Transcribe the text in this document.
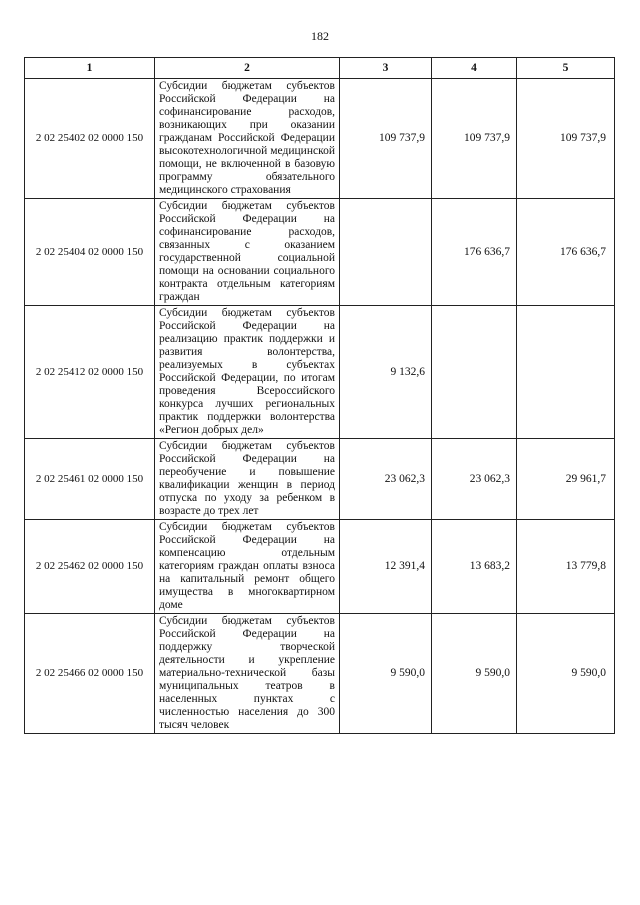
182
1	2	3	4	5
2 02 25402 02 0000 150	Субсидии бюджетам субъектов Российской Федерации на софинансирование расходов, возникающих при оказании гражданам Российской Федерации высокотехнологичной медицинской помощи, не включенной в базовую программу обязательного медицинского страхования	109 737,9	109 737,9	109 737,9
2 02 25404 02 0000 150	Субсидии бюджетам субъектов Российской Федерации на софинансирование расходов, связанных с оказанием государственной социальной помощи на основании социального контракта отдельным категориям граждан		176 636,7	176 636,7
2 02 25412 02 0000 150	Субсидии бюджетам субъектов Российской Федерации на реализацию практик поддержки и развития волонтерства, реализуемых в субъектах Российской Федерации, по итогам проведения Всероссийского конкурса лучших региональных практик поддержки волонтерства «Регион добрых дел»	9 132,6		
2 02 25461 02 0000 150	Субсидии бюджетам субъектов Российской Федерации на переобучение и повышение квалификации женщин в период отпуска по уходу за ребенком в возрасте до трех лет	23 062,3	23 062,3	29 961,7
2 02 25462 02 0000 150	Субсидии бюджетам субъектов Российской Федерации на компенсацию отдельным категориям граждан оплаты взноса на капитальный ремонт общего имущества в многоквартирном доме	12 391,4	13 683,2	13 779,8
2 02 25466 02 0000 150	Субсидии бюджетам субъектов Российской Федерации на поддержку творческой деятельности и укрепление материально-технической базы муниципальных театров в населенных пунктах с численностью населения до 300 тысяч человек	9 590,0	9 590,0	9 590,0
